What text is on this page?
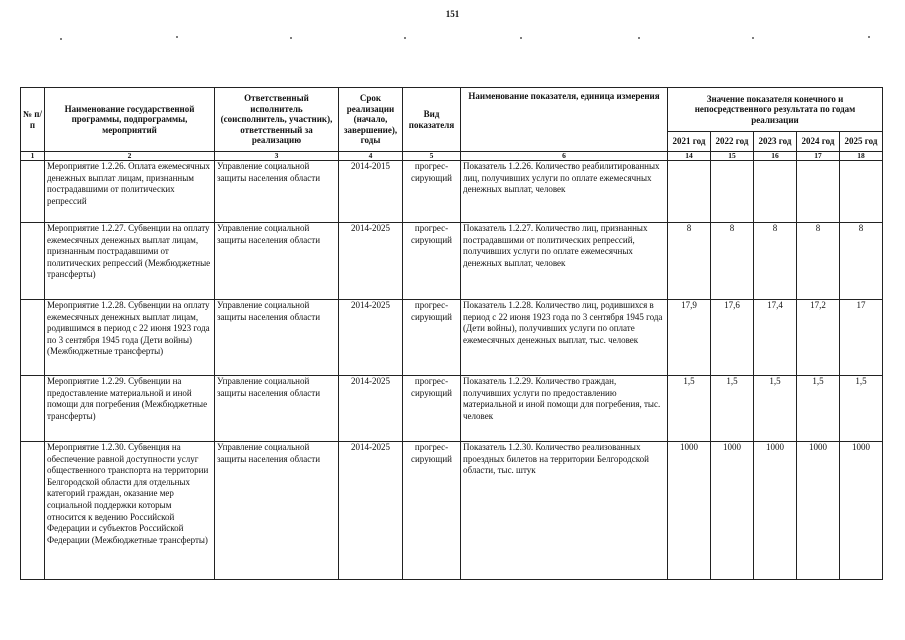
151
№ п/п	Наименование государственной программы, подпрограммы, мероприятий	Ответственный исполнитель (соисполнитель, участник), ответственный за реализацию	Срок реализации (начало, завершение), годы	Вид показателя	Наименование показателя, единица измерения	Значение показателя конечного и непосредственного результата по годам реализации				
						2021 год	2022 год	2023 год	2024 год	2025 год
1	2	3	4	5	6	14	15	16	17	18
	Мероприятие 1.2.26. Оплата ежемесячных денежных выплат лицам, признанным пострадавшими от политических репрессий	Управление социальной защиты населения области	2014-2015	прогрес- сирующий	Показатель 1.2.26. Количество реабилитированных лиц, получивших услуги по оплате ежемесячных денежных выплат, человек					
	Мероприятие 1.2.27. Субвенции на оплату ежемесячных денежных выплат лицам, признанным пострадавшими от политических репрессий (Межбюджетные трансферты)	Управление социальной защиты населения области	2014-2025	прогрес- сирующий	Показатель 1.2.27. Количество лиц, признанных пострадавшими от политических репрессий, получивших услуги по оплате ежемесячных денежных выплат, человек	8	8	8	8	8
	Мероприятие 1.2.28. Субвенции на оплату ежемесячных денежных выплат лицам, родившимся в период с 22 июня 1923 года по 3 сентября 1945 года (Дети войны) (Межбюджетные трансферты)	Управление социальной защиты населения области	2014-2025	прогрес- сирующий	Показатель 1.2.28. Количество лиц, родившихся в период с 22 июня 1923 года по 3 сентября 1945 года (Дети войны), получивших услуги по оплате ежемесячных денежных выплат, тыс. человек	17,9	17,6	17,4	17,2	17
	Мероприятие 1.2.29. Субвенции на предоставление материальной и иной помощи для погребения (Межбюджетные трансферты)	Управление социальной защиты населения области	2014-2025	прогрес- сирующий	Показатель 1.2.29. Количество граждан, получивших услуги по предоставлению материальной и иной помощи для погребения, тыс. человек	1,5	1,5	1,5	1,5	1,5
	Мероприятие 1.2.30. Субвенция на обеспечение равной доступности услуг общественного транспорта на территории Белгородской области для отдельных категорий граждан, оказание мер социальной поддержки которым относится к ведению Российской Федерации и субъектов Российской Федерации (Межбюджетные трансферты)	Управление социальной защиты населения области	2014-2025	прогрес- сирующий	Показатель 1.2.30. Количество реализованных проездных билетов на территории Белгородской области, тыс. штук	1000	1000	1000	1000	1000
